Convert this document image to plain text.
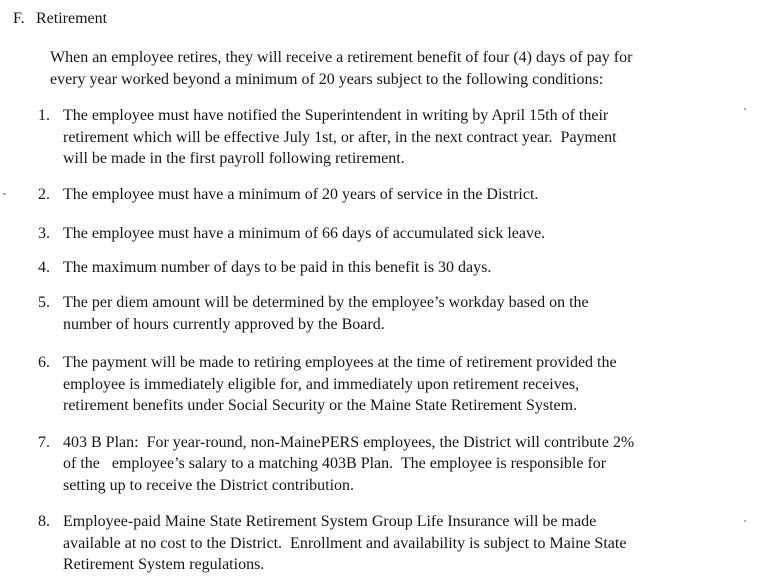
F. Retirement
When an employee retires, they will receive a retirement benefit of four (4) days of pay for
every year worked beyond a minimum of 20 years subject to the following conditions:
1. The employee must have notified the Superintendent in writing by April 15th of their
retirement which will be effective July 1st, or after, in the next contract year.  Payment
will be made in the first payroll following retirement.
2. The employee must have a minimum of 20 years of service in the District.
3. The employee must have a minimum of 66 days of accumulated sick leave.
4. The maximum number of days to be paid in this benefit is 30 days.
5. The per diem amount will be determined by the employee’s workday based on the
number of hours currently approved by the Board.
6. The payment will be made to retiring employees at the time of retirement provided the
employee is immediately eligible for, and immediately upon retirement receives,
retirement benefits under Social Security or the Maine State Retirement System.
7. 403 B Plan:  For year-round, non-MainePERS employees, the District will contribute 2%
of the   employee’s salary to a matching 403B Plan.  The employee is responsible for
setting up to receive the District contribution.
8. Employee-paid Maine State Retirement System Group Life Insurance will be made
available at no cost to the District.  Enrollment and availability is subject to Maine State
Retirement System regulations.
